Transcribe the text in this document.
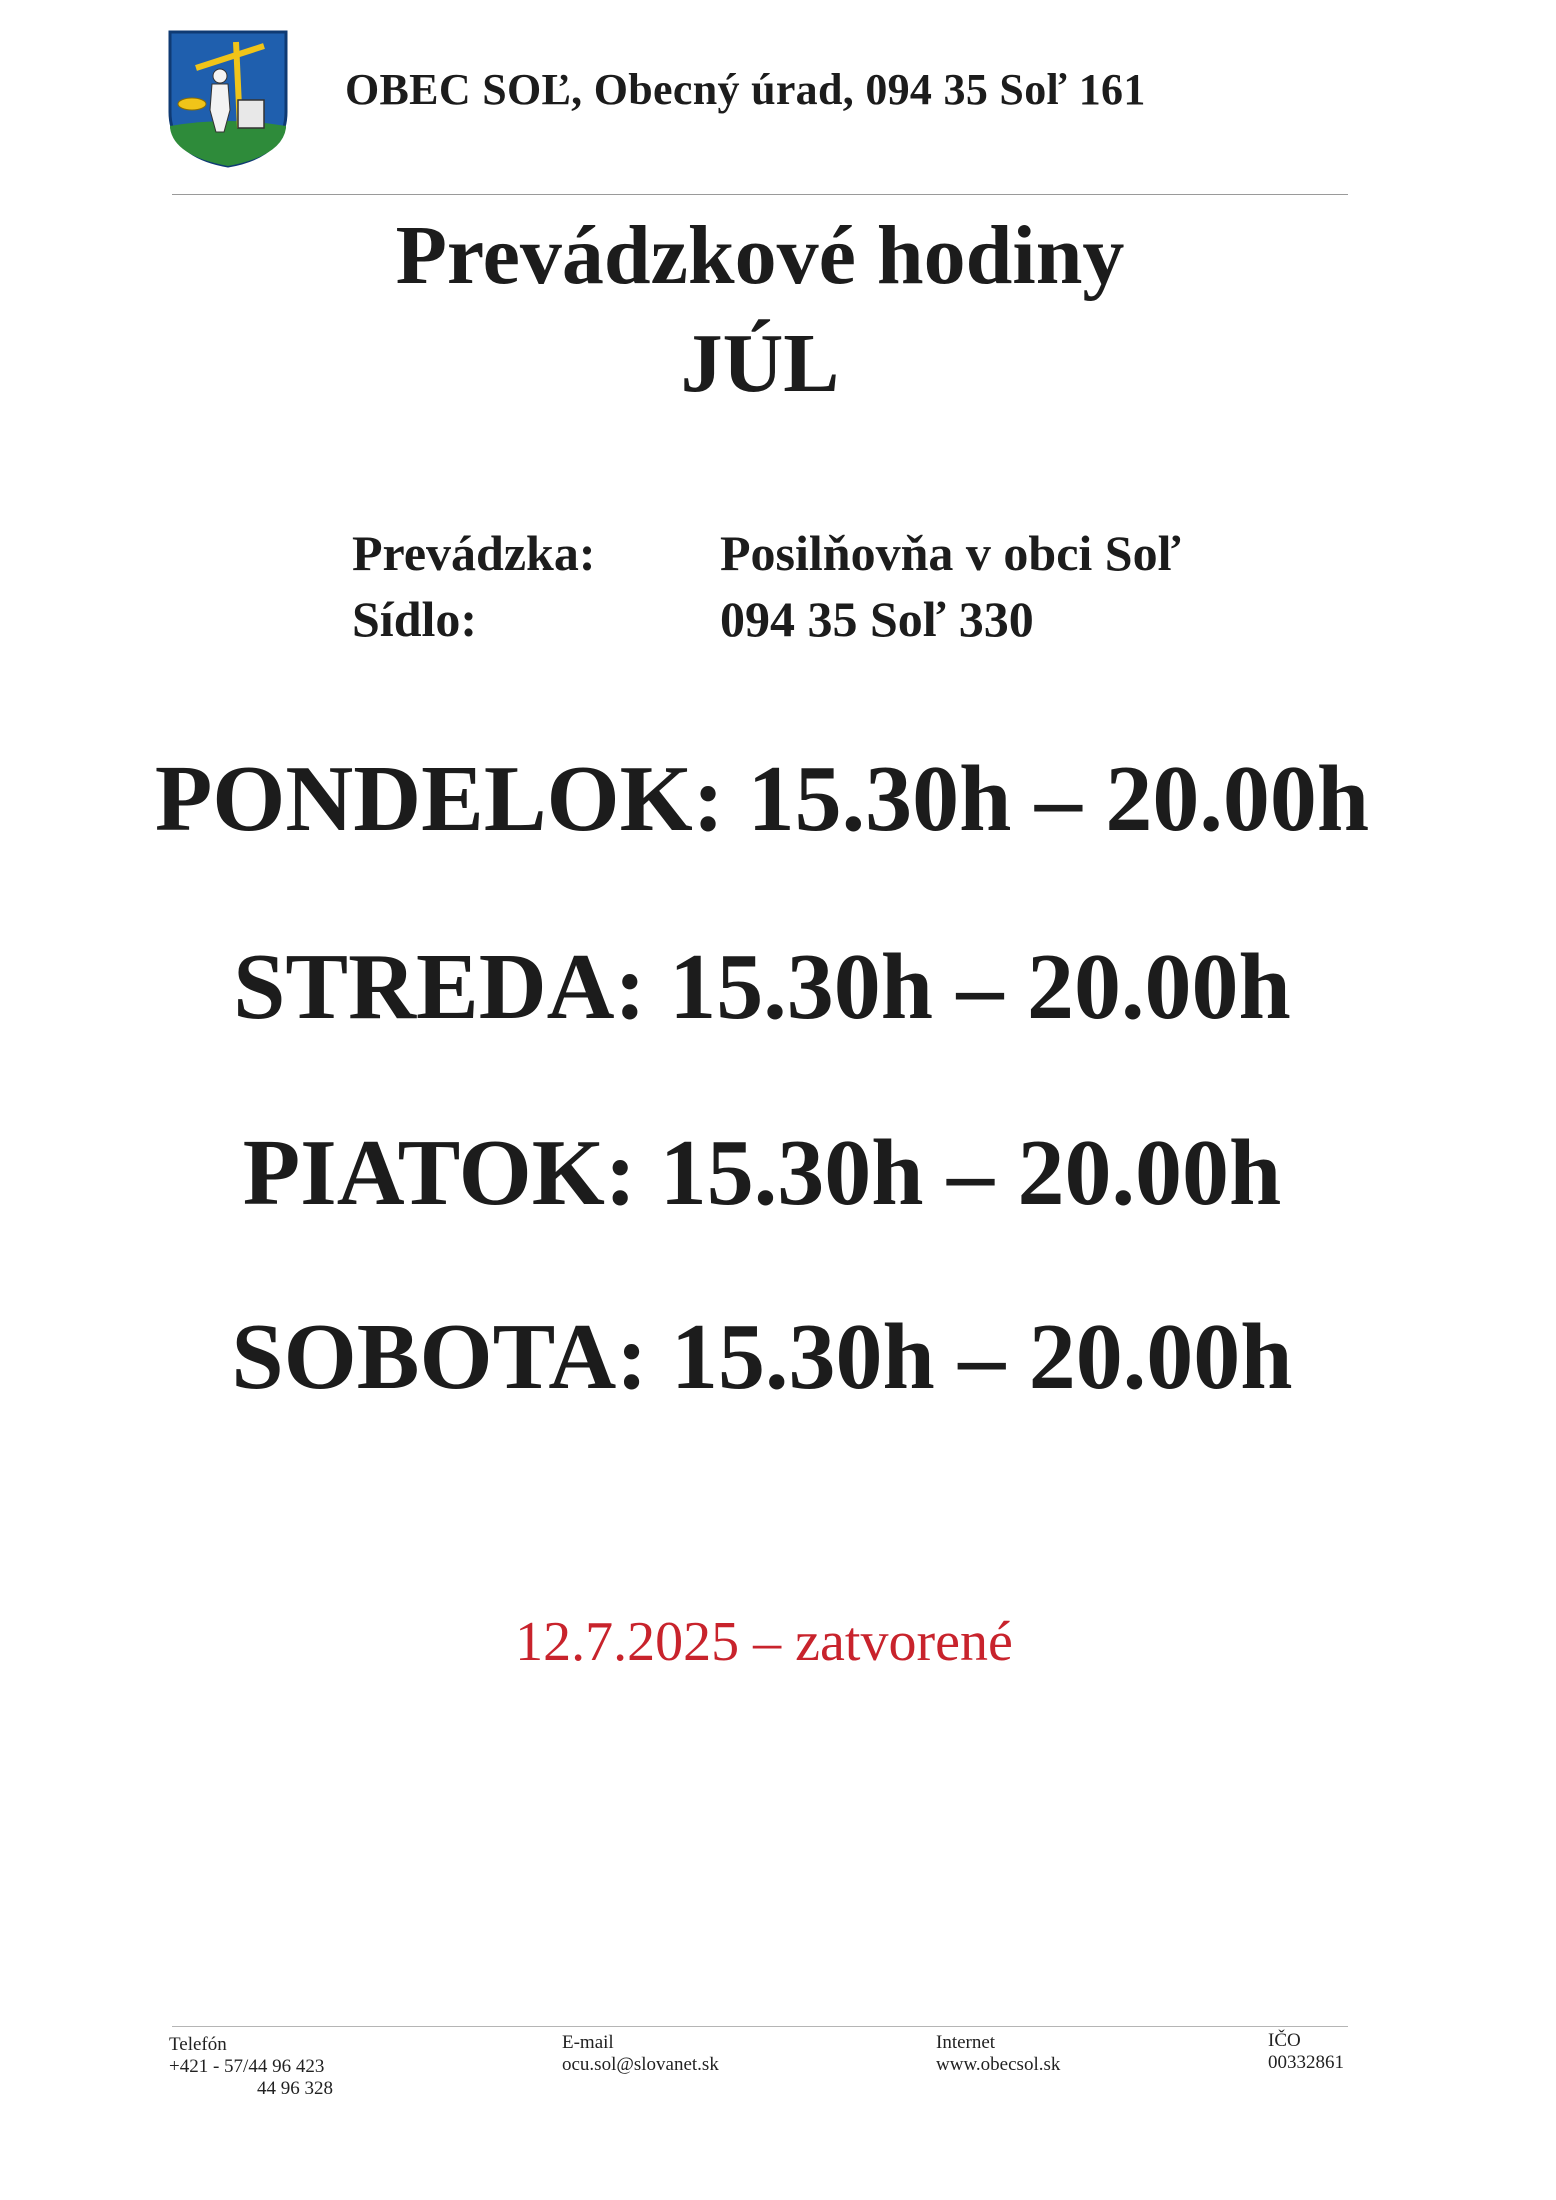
OBEC SOĽ, Obecný úrad, 094 35 Soľ 161
Prevádzkové hodiny
JÚL
Prevádzka: Posilňovňa v obci Soľ
Sídlo:	094 35 Soľ 330
PONDELOK: 15.30h – 20.00h
STREDA: 15.30h – 20.00h
PIATOK: 15.30h – 20.00h
SOBOTA: 15.30h – 20.00h
12.7.2025 – zatvorené
Telefón
+421 - 57/44 96 423
44 96 328
E-mail
ocu.sol@slovanet.sk
Internet
www.obecsol.sk
IČO
00332861
